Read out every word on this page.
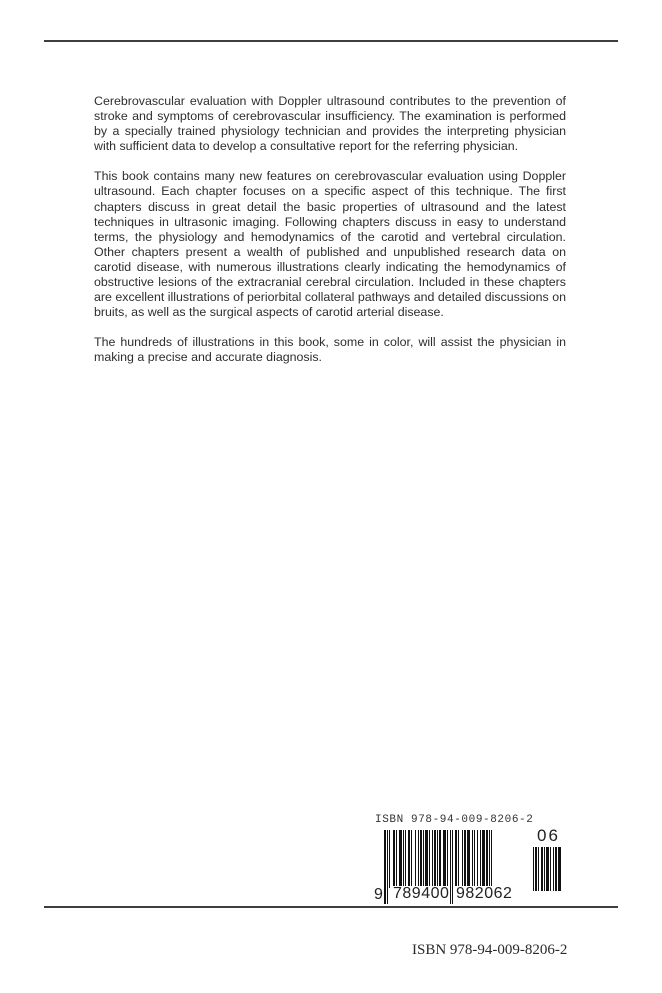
Cerebrovascular evaluation with Doppler ultrasound contributes to the prevention of stroke and symptoms of cerebrovascular insufficiency. The examination is performed by a specially trained physiology technician and provides the interpreting physician with sufficient data to develop a consultative report for the referring physician.

This book contains many new features on cerebrovascular evaluation using Doppler ultrasound. Each chapter focuses on a specific aspect of this technique. The first chapters discuss in great detail the basic properties of ultrasound and the latest techniques in ultrasonic imaging. Following chapters discuss in easy to understand terms, the physiology and hemodynamics of the carotid and vertebral circulation. Other chapters present a wealth of published and unpublished research data on carotid disease, with numerous illustrations clearly indicating the hemodynamics of obstructive lesions of the extracranial cerebral circulation. Included in these chapters are excellent illustrations of periorbital collateral pathways and detailed discussions on bruits, as well as the surgical aspects of carotid arterial disease.

The hundreds of illustrations in this book, some in color, will assist the physician in making a precise and accurate diagnosis.

ISBN 978-94-009-8206-2
06
9 789400 982062
ISBN 978-94-009-8206-2
